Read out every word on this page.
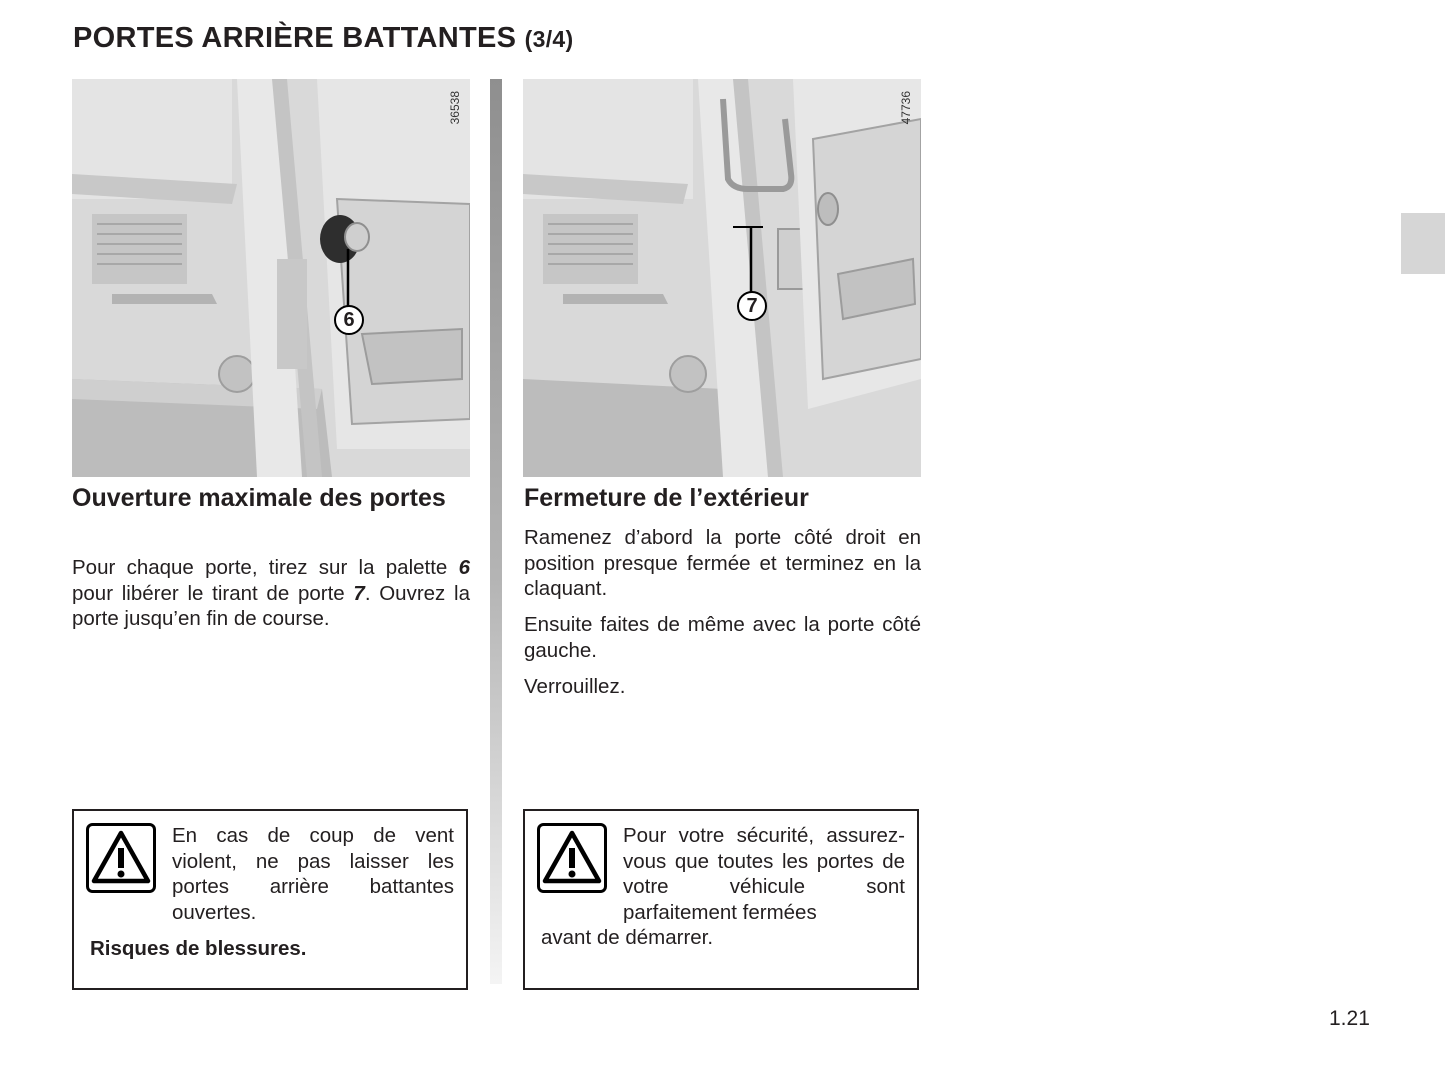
PORTES ARRIÈRE BATTANTES (3/4)
36538
6
47736
7
Ouverture maximale des portes

Pour chaque porte, tirez sur la palette 6 pour libérer le tirant de porte 7. Ouvrez la porte jusqu’en fin de course.

Fermeture de l’extérieur

Ramenez d’abord la porte côté droit en position presque fermée et terminez en la claquant.

Ensuite faites de même avec la porte côté gauche.

Verrouillez.

En cas de coup de vent violent, ne pas laisser les portes arrière battantes ouvertes.

Risques de blessures.

Pour votre sécurité, assurez-vous que toutes les portes de votre véhicule sont parfaitement fermées

avant de démarrer.

1.21
